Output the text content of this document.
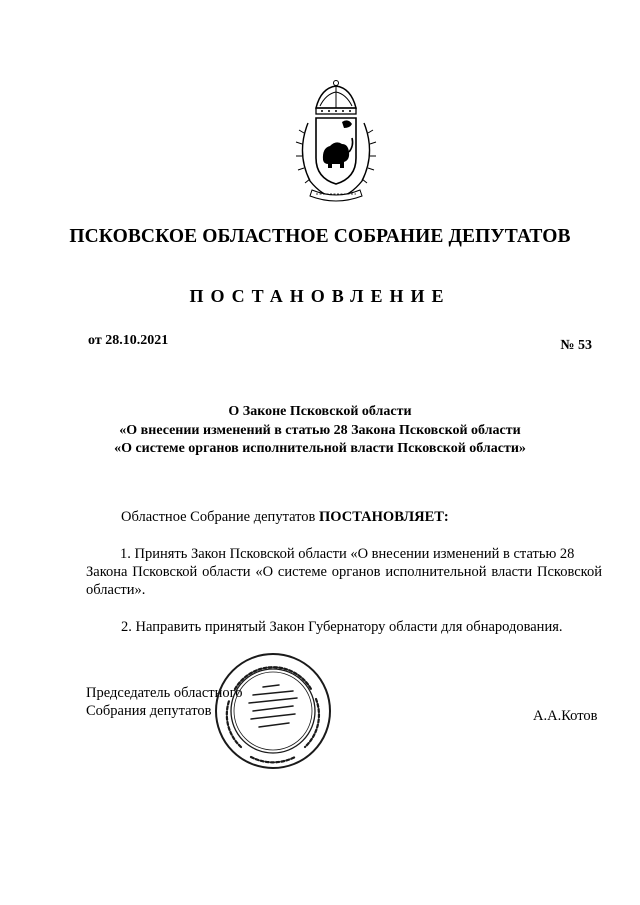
ПСКОВСКОЕ ОБЛАСТНОЕ СОБРАНИЕ ДЕПУТАТОВ
ПОСТАНОВЛЕНИЕ
от 28.10.2021	№ 53
О Законе Псковской области
«О внесении изменений в статью 28 Закона Псковской области
«О системе органов исполнительной власти Псковской области»
Областное Собрание депутатов ПОСТАНОВЛЯЕТ:
1. Принять Закон Псковской области «О внесении изменений в статью 28
Закона Псковской области «О системе органов исполнительной власти Псковской области».
2. Направить принятый Закон Губернатору области для обнародования.
Председатель областного
Собрания депутатов	А.А.Котов
